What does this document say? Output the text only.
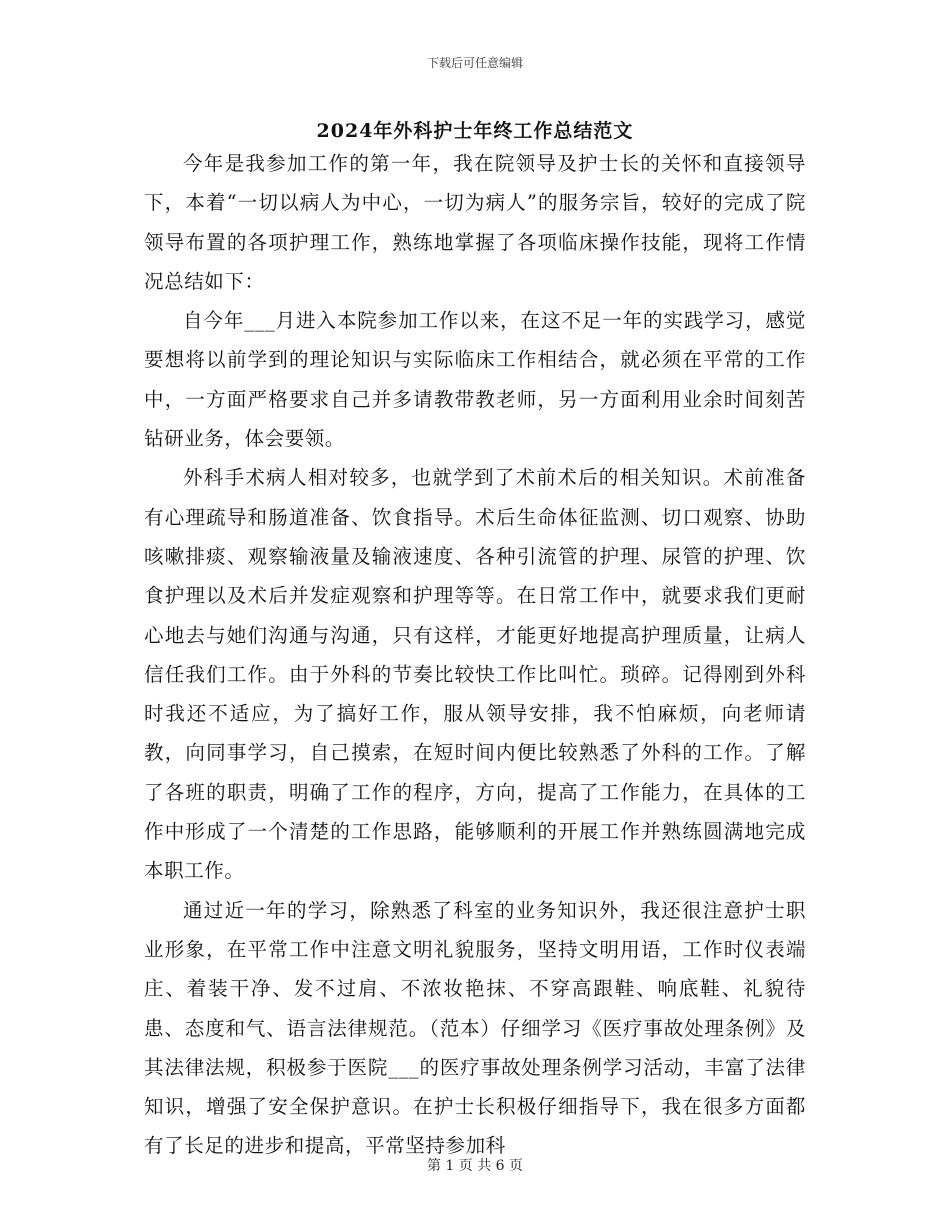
下载后可任意编辑
2024年外科护士年终工作总结范文

今年是我参加工作的第一年，我在院领导及护士长的关怀和直接领导下，本着“一切以病人为中心，一切为病人”的服务宗旨，较好的完成了院领导布置的各项护理工作，熟练地掌握了各项临床操作技能，现将工作情况总结如下：

自今年___月进入本院参加工作以来，在这不足一年的实践学习，感觉要想将以前学到的理论知识与实际临床工作相结合，就必须在平常的工作中，一方面严格要求自己并多请教带教老师，另一方面利用业余时间刻苦钻研业务，体会要领。

外科手术病人相对较多，也就学到了术前术后的相关知识。术前准备有心理疏导和肠道准备、饮食指导。术后生命体征监测、切口观察、协助咳嗽排痰、观察输液量及输液速度、各种引流管的护理、尿管的护理、饮食护理以及术后并发症观察和护理等等。在日常工作中，就要求我们更耐心地去与她们沟通与沟通，只有这样，才能更好地提高护理质量，让病人信任我们工作。由于外科的节奏比较快工作比叫忙。琐碎。记得刚到外科时我还不适应，为了搞好工作，服从领导安排，我不怕麻烦，向老师请教，向同事学习，自己摸索，在短时间内便比较熟悉了外科的工作。了解了各班的职责，明确了工作的程序，方向，提高了工作能力，在具体的工作中形成了一个清楚的工作思路，能够顺利的开展工作并熟练圆满地完成本职工作。

通过近一年的学习，除熟悉了科室的业务知识外，我还很注意护士职业形象，在平常工作中注意文明礼貌服务，坚持文明用语，工作时仪表端庄、着装干净、发不过肩、不浓妆艳抹、不穿高跟鞋、响底鞋、礼貌待患、态度和气、语言法律规范。（范本）仔细学习《医疗事故处理条例》及其法律法规，积极参于医院___的医疗事故处理条例学习活动，丰富了法律知识，增强了安全保护意识。在护士长积极仔细指导下，我在很多方面都有了长足的进步和提高，平常坚持参加科

第 1 页 共 6 页
